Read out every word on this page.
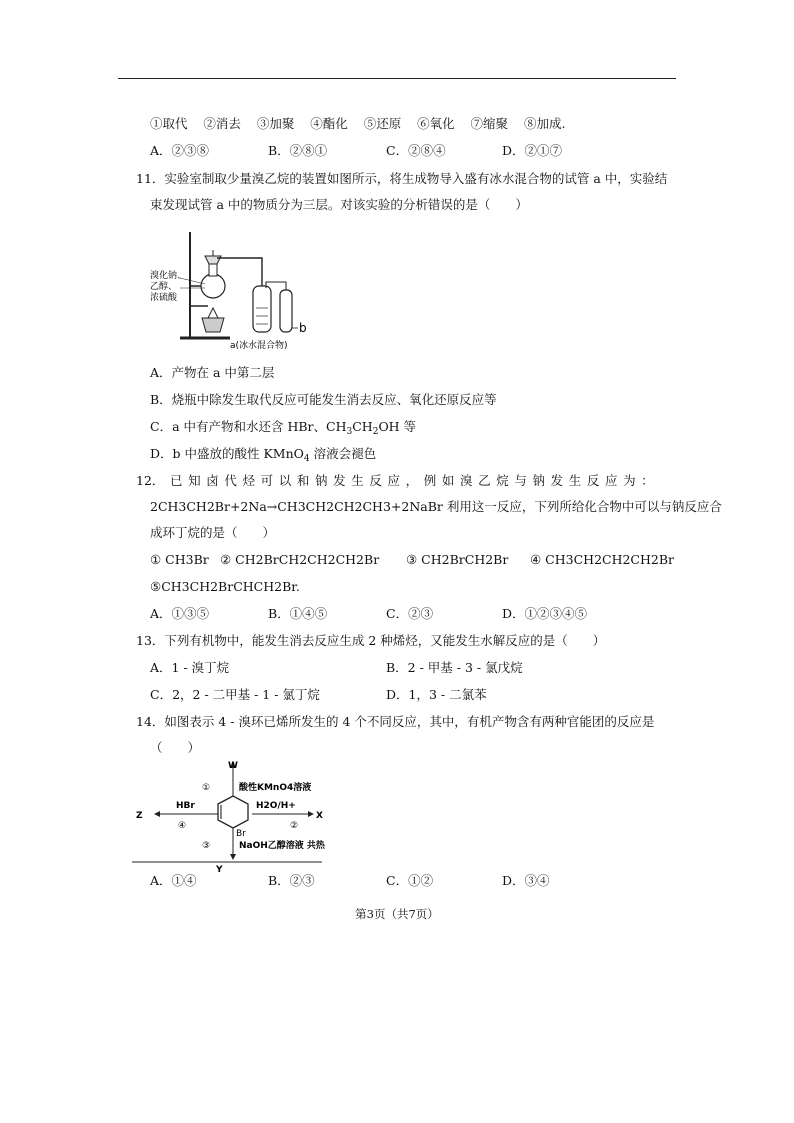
①取代 ②消去 ③加聚 ④酯化 ⑤还原 ⑥氧化 ⑦缩聚 ⑧加成.
A．②③⑧	B．②⑧①	C．②⑧④	D．②①⑦
11．实验室制取少量溴乙烷的装置如图所示，将生成物导入盛有冰水混合物的试管 a 中，实验结
束发现试管 a 中的物质分为三层。对该实验的分析错误的是（　　）
溴化钠、
乙醇、
浓硫酸
b
a(冰水混合物)
A．产物在 a 中第二层
B．烧瓶中除发生取代反应可能发生消去反应、氧化还原反应等
C．a 中有产物和水还含 HBr、$CH_3CH_2OH$ 等
D．b 中盛放的酸性 KMnO$_4$ 溶液会褪色
12． 已 知 卤 代 烃 可 以 和 钠 发 生 反 应 ， 例 如 溴 乙 烷 与 钠 发 生 反 应 为 ：
2CH3CH2Br+2Na→CH3CH2CH2CH3+2NaBr 利用这一反应，下列所给化合物中可以与钠反应合
成环丁烷的是（　　）
① CH3Br ② CH2BrCH2CH2CH2Br ③ CH2BrCH2Br ④ CH3CH2CH2CH2Br
⑤CH3CH2BrCHCH2Br.
A．①③⑤	B．①④⑤	C．②③	D．①②③④⑤
13．下列有机物中，能发生消去反应生成 2 种烯烃，又能发生水解反应的是（　　）
A．1 - 溴丁烷	B．2 - 甲基 - 3 - 氯戊烷
C．2，2 - 二甲基 - 1 - 氯丁烷	D．1，3 - 二氯苯
14．如图表示 4 - 溴环已烯所发生的 4 个不同反应，其中，有机产物含有两种官能团的反应是
（　　）
W
X
Y
Z
Br
①	酸性KMnO4溶液
②
H2O/H+
③	NaOH乙醇溶液 共热
④
HBr
A．①④	B．②③	C．①②	D．③④
第3页（共7页）
